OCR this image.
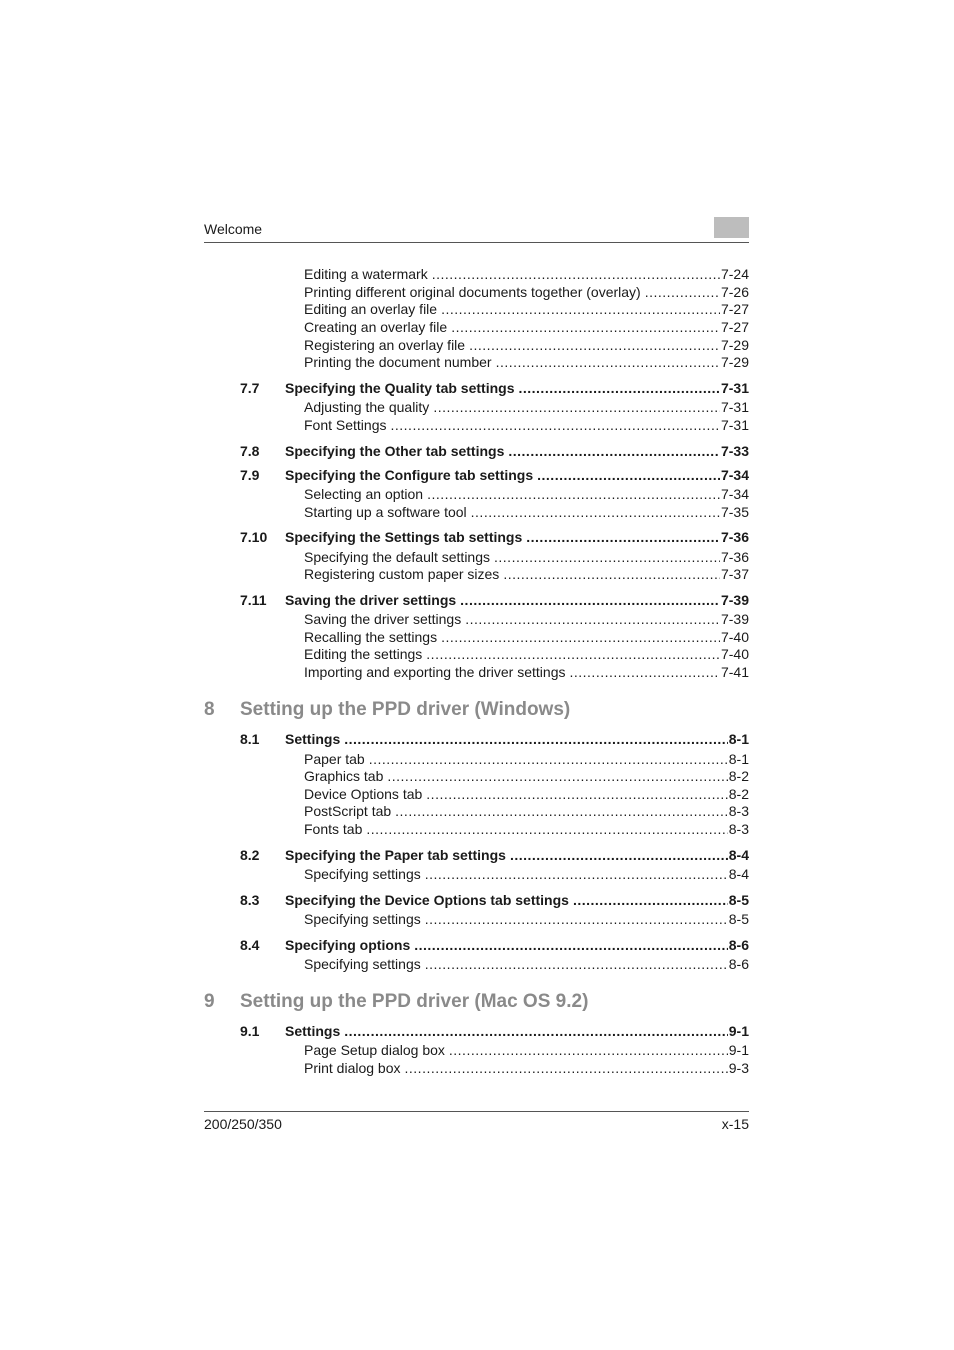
Welcome
Editing a watermark .....	7-24
Printing different original documents together (overlay) .....	7-26
Editing an overlay file .....	7-27
Creating an overlay file .....	7-27
Registering an overlay file .....	7-29
Printing the document number .....	7-29
7.7	Specifying the Quality tab settings .....	7-31
Adjusting the quality .....	7-31
Font Settings .....	7-31
7.8	Specifying the Other tab settings .....	7-33
7.9	Specifying the Configure tab settings .....	7-34
Selecting an option .....	7-34
Starting up a software tool .....	7-35
7.10	Specifying the Settings tab settings .....	7-36
Specifying the default settings .....	7-36
Registering custom paper sizes .....	7-37
7.11	Saving the driver settings .....	7-39
Saving the driver settings .....	7-39
Recalling the settings .....	7-40
Editing the settings .....	7-40
Importing and exporting the driver settings .....	7-41
8 Setting up the PPD driver (Windows)
8.1	Settings .....	8-1
Paper tab .....	8-1
Graphics tab .....	8-2
Device Options tab .....	8-2
PostScript tab .....	8-3
Fonts tab .....	8-3
8.2	Specifying the Paper tab settings .....	8-4
Specifying settings .....	8-4
8.3	Specifying the Device Options tab settings .....	8-5
Specifying settings .....	8-5
8.4	Specifying options .....	8-6
Specifying settings .....	8-6
9 Setting up the PPD driver (Mac OS 9.2)
9.1	Settings .....	9-1
Page Setup dialog box .....	9-1
Print dialog box .....	9-3
200/250/350	x-15
